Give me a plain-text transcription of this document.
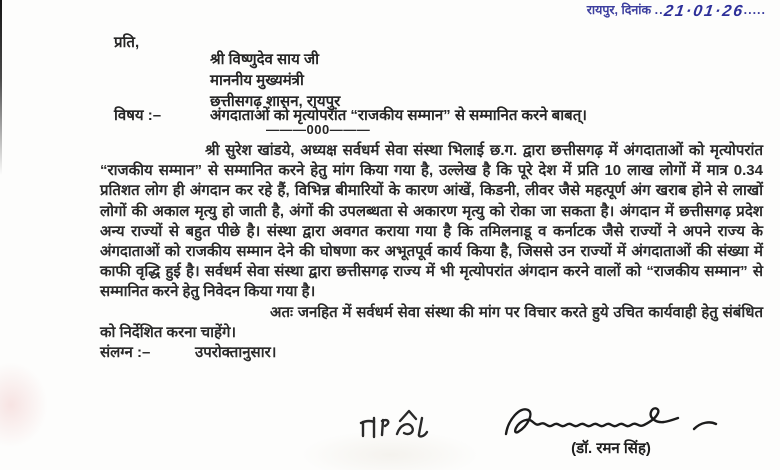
रायपुर, दिनांक ..21·01·26.....
प्रति,
श्री विष्णुदेव साय जी
माननीय मुख्यमंत्री
छत्तीसगढ़ शासन, रायपुर
विषय :–	अंगदाताओं को मृत्योपरांत “राजकीय सम्मान” से सम्मानित करने बाबत्।
———000———

श्री सुरेश खांडये, अध्यक्ष सर्वधर्म सेवा संस्था भिलाई छ.ग. द्वारा छत्तीसगढ़ में अंगदाताओं को मृत्योपरांत “राजकीय सम्मान” से सम्मानित करने हेतु मांग किया गया है, उल्लेख है कि पूरे देश में प्रति 10 लाख लोगों में मात्र 0.34 प्रतिशत लोग ही अंगदान कर रहे हैं, विभिन्न बीमारियों के कारण आंखें, किडनी, लीवर जैसे महत्पूर्ण अंग खराब होने से लाखों लोगों की अकाल मृत्यु हो जाती है, अंगों की उपलब्धता से अकारण मृत्यु को रोका जा सकता है। अंगदान में छत्तीसगढ़ प्रदेश अन्य राज्यों से बहुत पीछे है। संस्था द्वारा अवगत कराया गया है कि तमिलनाडू व कर्नाटक जैसे राज्यों ने अपने राज्य के अंगदाताओं को राजकीय सम्मान देने की घोषणा कर अभूतपूर्व कार्य किया है, जिससे उन राज्यों में अंगदाताओं की संख्या में काफी वृद्धि हुई है। सर्वधर्म सेवा संस्था द्वारा छत्तीसगढ़ राज्य में भी मृत्योपरांत अंगदान करने वालों को “राजकीय सम्मान” से सम्मानित करने हेतु निवेदन किया गया है।

अतः जनहित में सर्वधर्म सेवा संस्था की मांग पर विचार करते हुये उचित कार्यवाही हेतु संबंधित को निर्देशित करना चाहेंगे।

संलग्न :–	उपरोक्तानुसार।
(डॉ. रमन सिंह)
